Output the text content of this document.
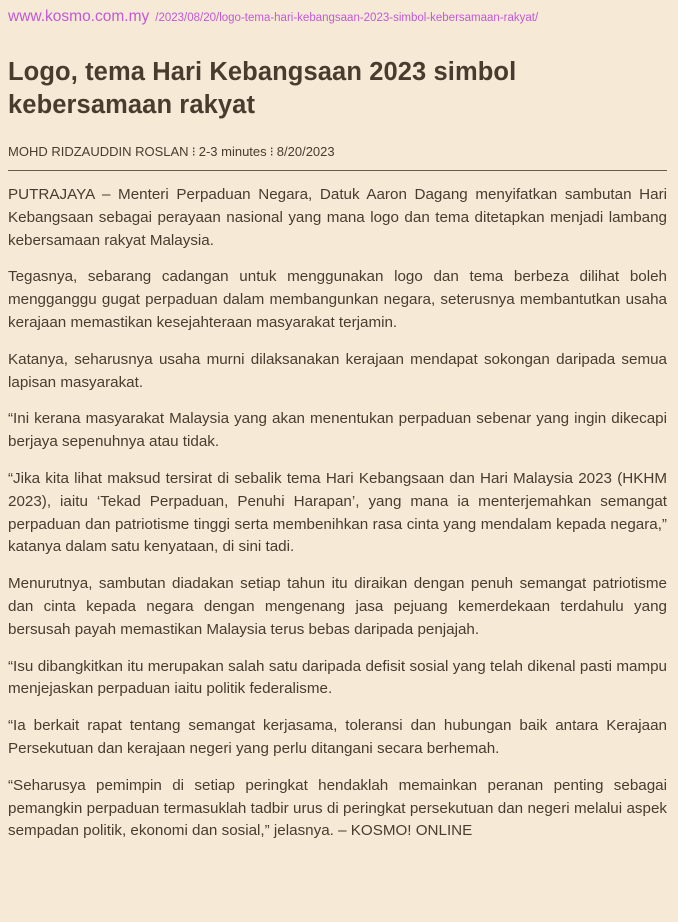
www.kosmo.com.my /2023/08/20/logo-tema-hari-kebangsaan-2023-simbol-kebersamaan-rakyat/
Logo, tema Hari Kebangsaan 2023 simbol kebersamaan rakyat
MOHD RIDZAUDDIN ROSLAN ⁝ 2-3 minutes ⁝ 8/20/2023

PUTRAJAYA – Menteri Perpaduan Negara, Datuk Aaron Dagang menyifatkan sambutan Hari Kebangsaan sebagai perayaan nasional yang mana logo dan tema ditetapkan menjadi lambang kebersamaan rakyat Malaysia.

Tegasnya, sebarang cadangan untuk menggunakan logo dan tema berbeza dilihat boleh mengganggu gugat perpaduan dalam membangunkan negara, seterusnya membantutkan usaha kerajaan memastikan kesejahteraan masyarakat terjamin.

Katanya, seharusnya usaha murni dilaksanakan kerajaan mendapat sokongan daripada semua lapisan masyarakat.

“Ini kerana masyarakat Malaysia yang akan menentukan perpaduan sebenar yang ingin dikecapi berjaya sepenuhnya atau tidak.

“Jika kita lihat maksud tersirat di sebalik tema Hari Kebangsaan dan Hari Malaysia 2023 (HKHM 2023), iaitu ‘Tekad Perpaduan, Penuhi Harapan’, yang mana ia menterjemahkan semangat perpaduan dan patriotisme tinggi serta membenihkan rasa cinta yang mendalam kepada negara,” katanya dalam satu kenyataan, di sini tadi.

Menurutnya, sambutan diadakan setiap tahun itu diraikan dengan penuh semangat patriotisme dan cinta kepada negara dengan mengenang jasa pejuang kemerdekaan terdahulu yang bersusah payah memastikan Malaysia terus bebas daripada penjajah.

“Isu dibangkitkan itu merupakan salah satu daripada defisit sosial yang telah dikenal pasti mampu menjejaskan perpaduan iaitu politik federalisme.

“Ia berkait rapat tentang semangat kerjasama, toleransi dan hubungan baik antara Kerajaan Persekutuan dan kerajaan negeri yang perlu ditangani secara berhemah.

“Seharusya pemimpin di setiap peringkat hendaklah memainkan peranan penting sebagai pemangkin perpaduan termasuklah tadbir urus di peringkat persekutuan dan negeri melalui aspek sempadan politik, ekonomi dan sosial,” jelasnya. – KOSMO! ONLINE
